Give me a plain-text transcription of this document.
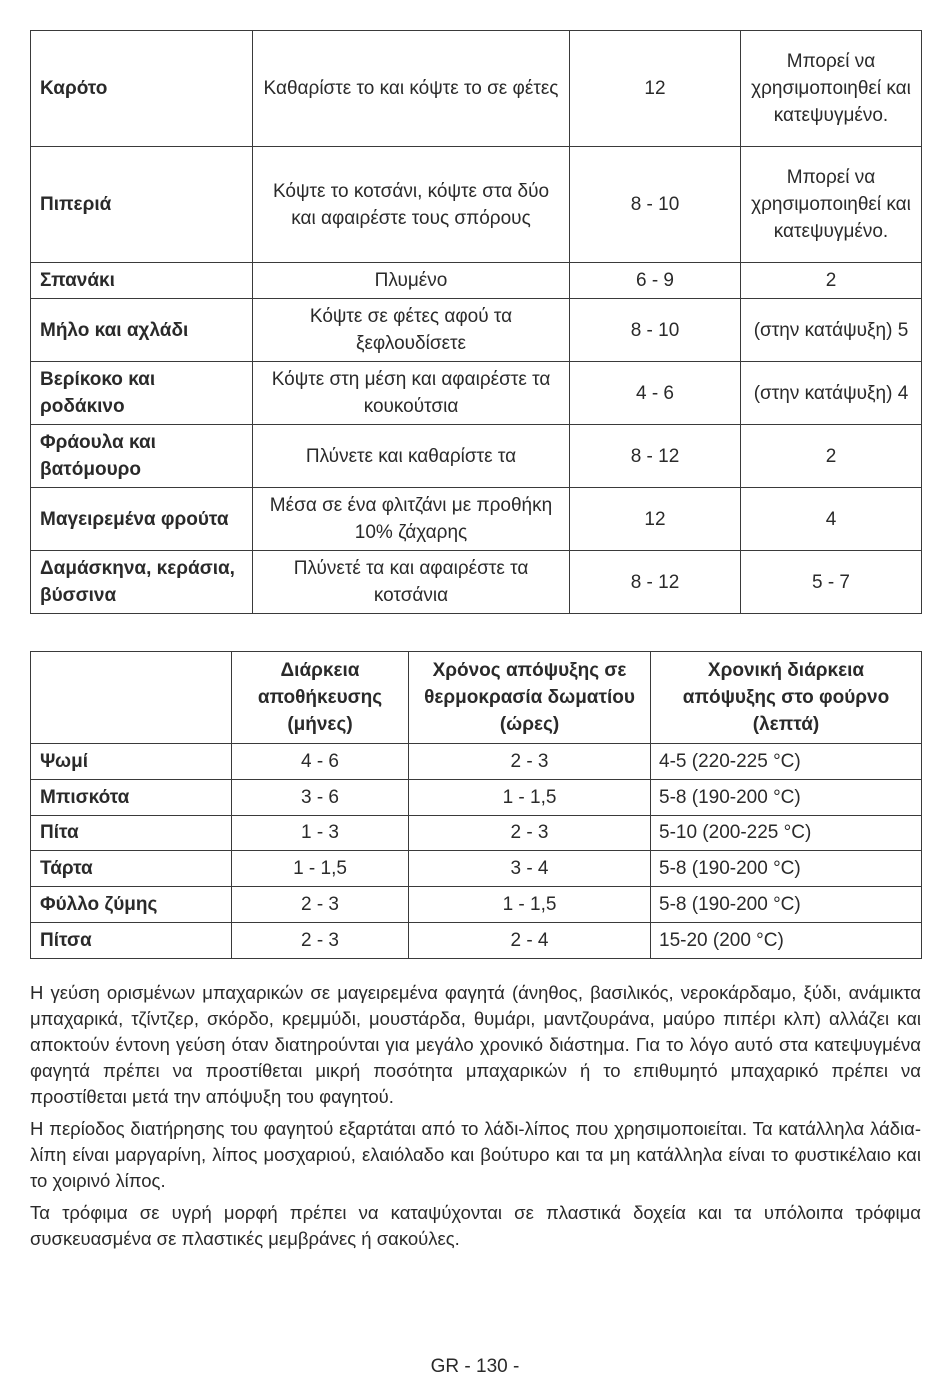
Καρότο	Καθαρίστε το και κόψτε το σε φέτες	12	Μπορεί να χρησιμοποιηθεί και κατεψυγμένο.
Πιπεριά	Κόψτε το κοτσάνι, κόψτε στα δύο και αφαιρέστε τους σπόρους	8 - 10	Μπορεί να χρησιμοποιηθεί και κατεψυγμένο.
Σπανάκι	Πλυμένο	6 - 9	2
Μήλο και αχλάδι	Κόψτε σε φέτες αφού τα ξεφλουδίσετε	8 - 10	(στην κατάψυξη) 5
Βερίκοκο και ροδάκινο	Κόψτε στη μέση και αφαιρέστε τα κουκούτσια	4 - 6	(στην κατάψυξη) 4
Φράουλα και βατόμουρο	Πλύνετε και καθαρίστε τα	8 - 12	2
Μαγειρεμένα φρούτα	Μέσα σε ένα φλιτζάνι με προθήκη 10% ζάχαρης	12	4
Δαμάσκηνα, κεράσια, βύσσινα	Πλύνετέ τα και αφαιρέστε τα κοτσάνια	8 - 12	5 - 7
	Διάρκεια αποθήκευσης (μήνες)	Χρόνος απόψυξης σε θερμοκρασία δωματίου (ώρες)	Χρονική διάρκεια απόψυξης στο φούρνο (λεπτά)
Ψωμί	4 - 6	2 - 3	4-5 (220-225 °C)
Μπισκότα	3 - 6	1 - 1,5	5-8 (190-200 °C)
Πίτα	1 - 3	2 - 3	5-10 (200-225 °C)
Τάρτα	1 - 1,5	3 - 4	5-8 (190-200 °C)
Φύλλο ζύμης	2 - 3	1 - 1,5	5-8 (190-200 °C)
Πίτσα	2 - 3	2 - 4	15-20 (200 °C)

Η γεύση ορισμένων μπαχαρικών σε μαγειρεμένα φαγητά (άνηθος, βασιλικός, νεροκάρδαμο, ξύδι, ανάμικτα μπαχαρικά, τζίντζερ, σκόρδο, κρεμμύδι, μουστάρδα, θυμάρι, μαντζουράνα, μαύρο πιπέρι κλπ) αλλάζει και αποκτούν έντονη γεύση όταν διατηρούνται για μεγάλο χρονικό διάστημα. Για το λόγο αυτό στα κατεψυγμένα φαγητά πρέπει να προστίθεται μικρή ποσότητα μπαχαρικών ή το επιθυμητό μπαχαρικό πρέπει να προστίθεται μετά την απόψυξη του φαγητού.

Η περίοδος διατήρησης του φαγητού εξαρτάται από το λάδι-λίπος που χρησιμοποιείται. Τα κατάλληλα λάδια-λίπη είναι μαργαρίνη, λίπος μοσχαριού, ελαιόλαδο και βούτυρο και τα μη κατάλληλα είναι το φυστικέλαιο και το χοιρινό λίπος.

Τα τρόφιμα σε υγρή μορφή πρέπει να καταψύχονται σε πλαστικά δοχεία και τα υπόλοιπα τρόφιμα συσκευασμένα σε πλαστικές μεμβράνες ή σακούλες.

GR - 130 -
